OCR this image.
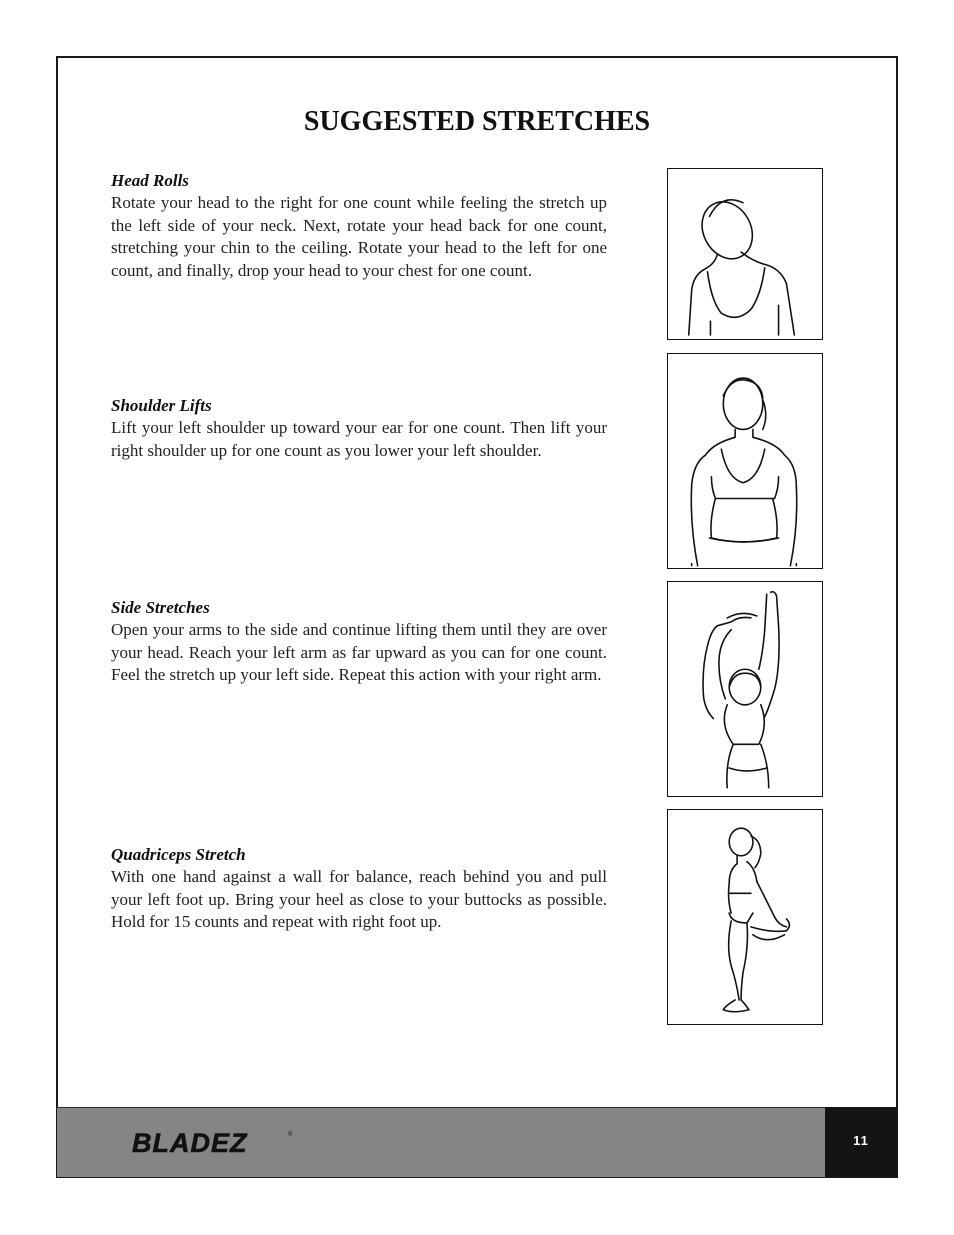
SUGGESTED STRETCHES
Head Rolls

Rotate your head to the right for one count while feeling the stretch up the left side of your neck. Next, rotate your head back for one count, stretching your chin to the ceiling. Rotate your head to the left for one count, and finally, drop your head to your chest for one count.

Shoulder Lifts

Lift your left shoulder up toward your ear for one count. Then lift your right shoulder up for one count as you lower your left shoulder.

Side Stretches

Open your arms to the side and continue lifting them until they are over your head. Reach your left arm as far upward as you can for one count. Feel the stretch up your left side. Repeat this action with your right arm.

Quadriceps Stretch

With one hand against a wall for balance, reach behind you and pull your left foot up. Bring your heel as close to your buttocks as possible. Hold for 15 counts and repeat with right foot up.

BLADEZ	®	11
